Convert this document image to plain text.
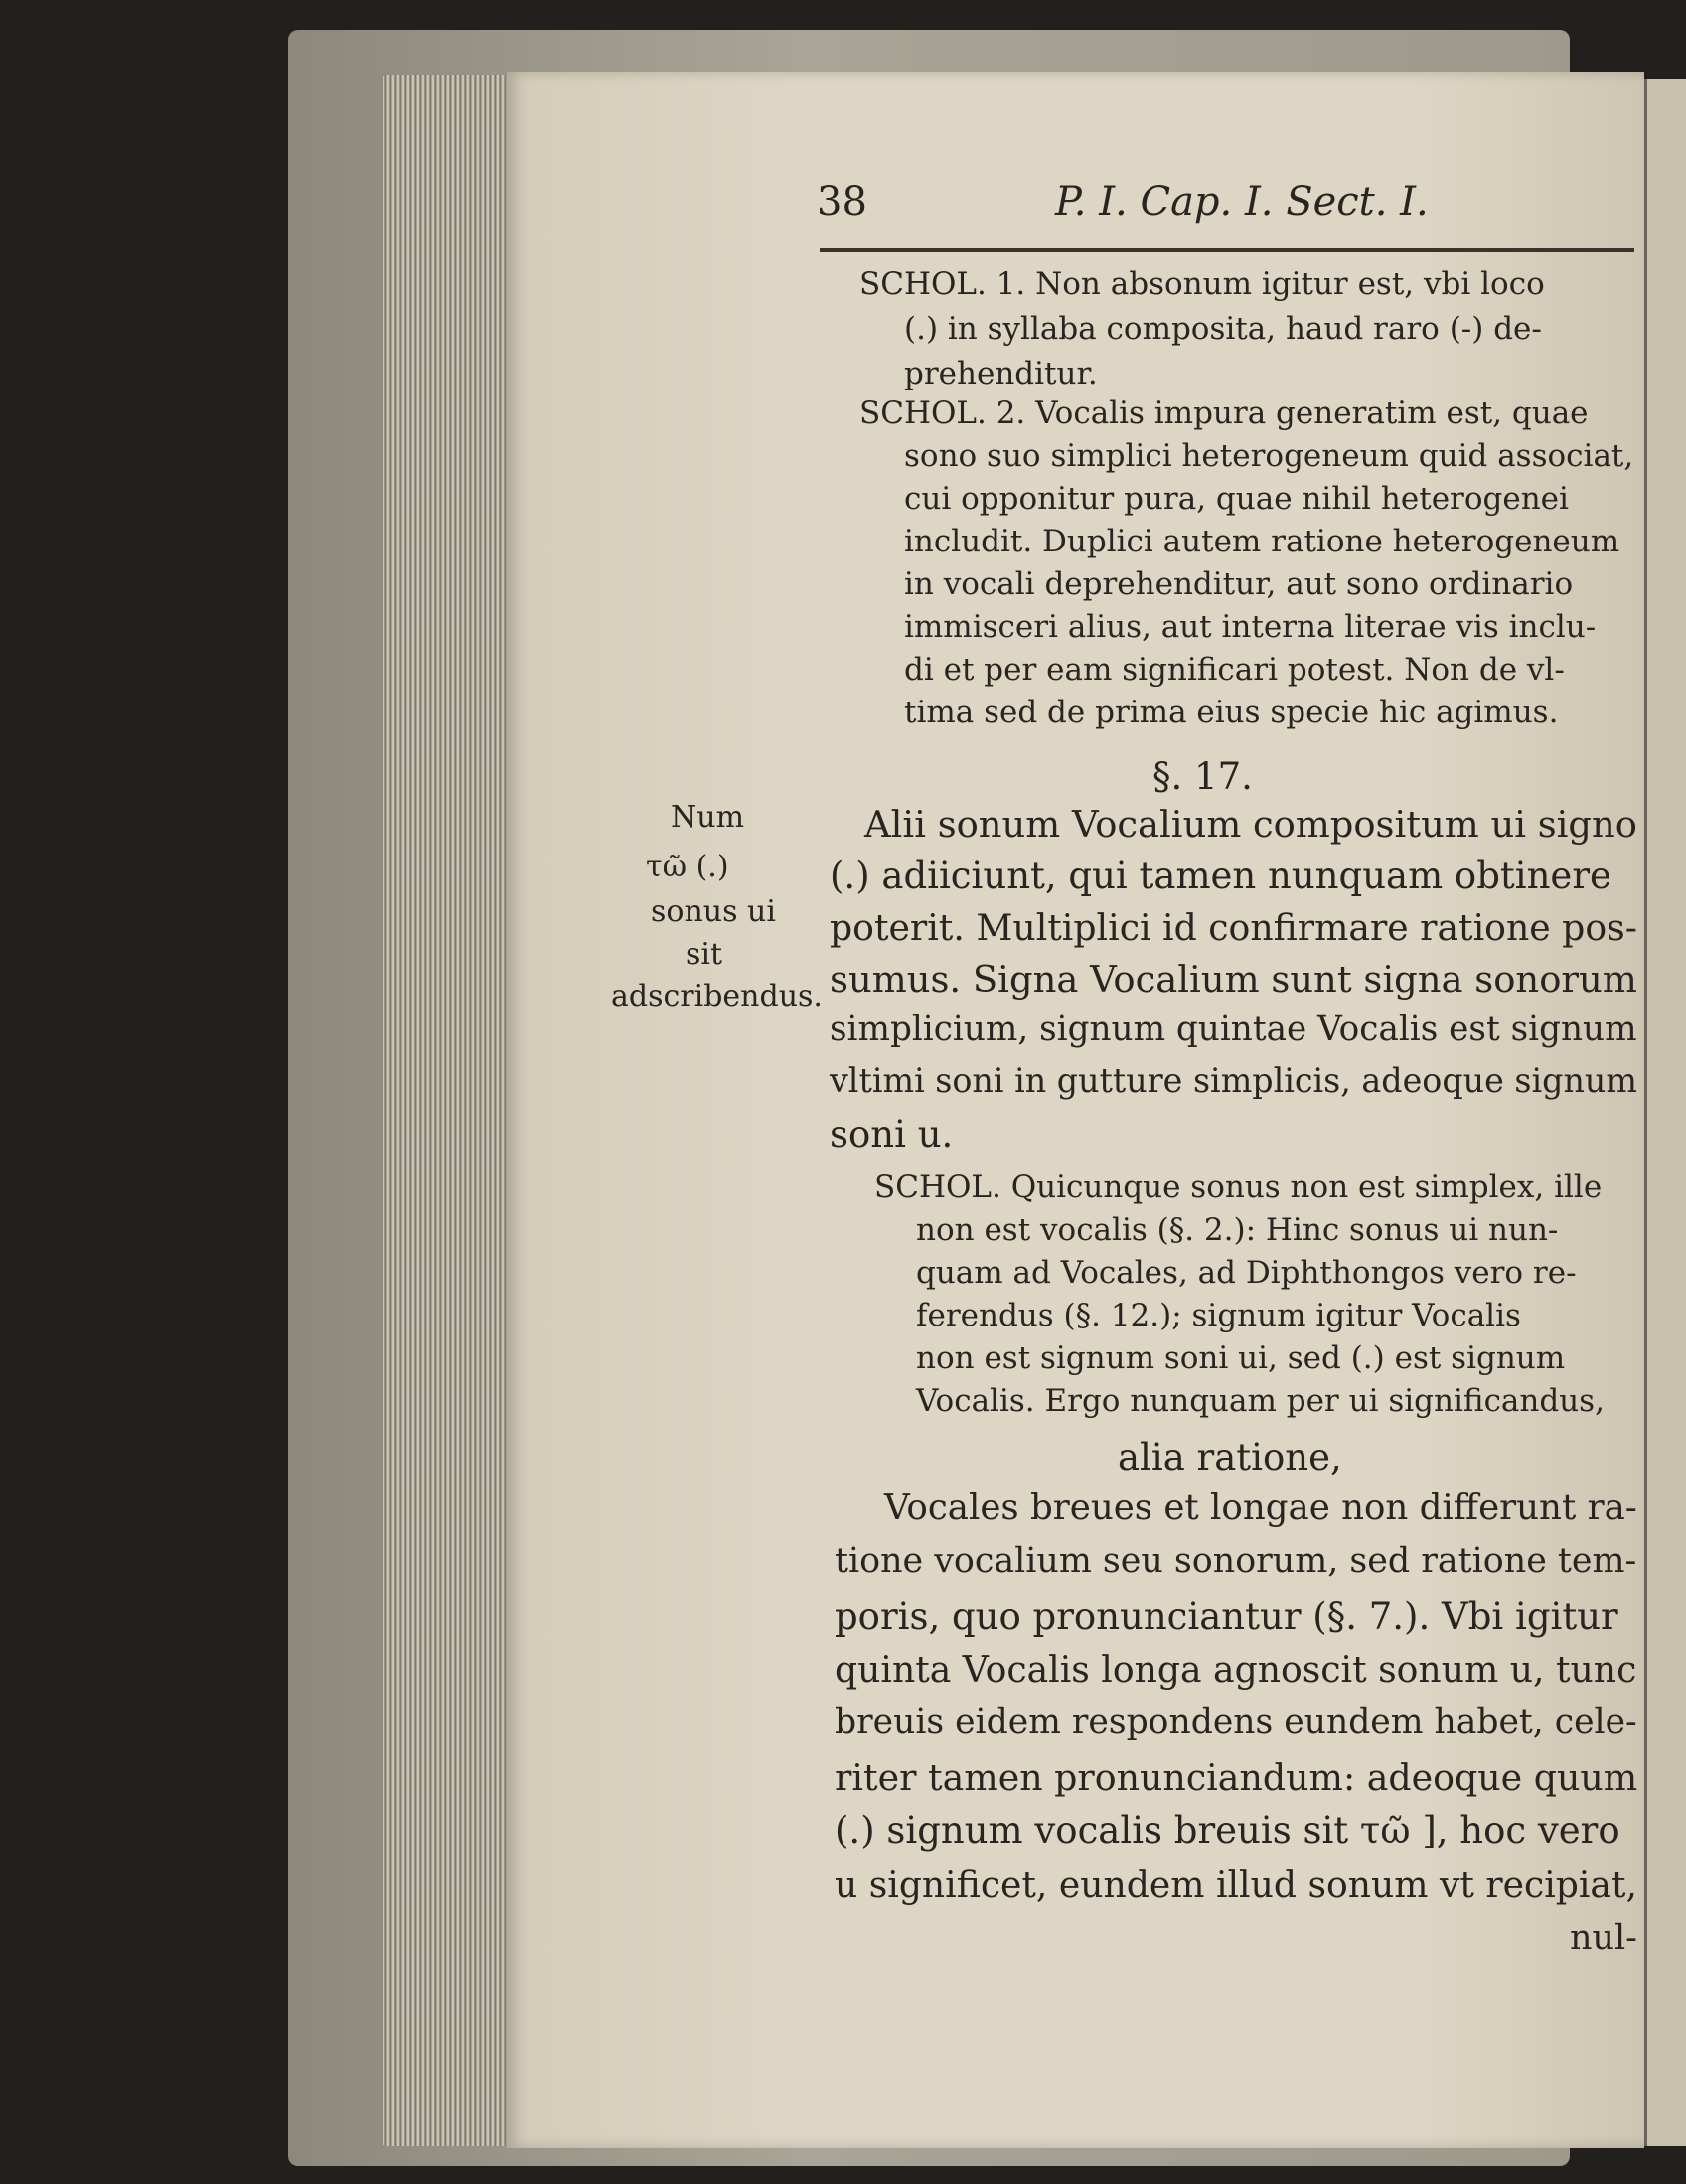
38	P. I. Cap. I. Sect. I.
SCHOL. 1. Non absonum igitur est, vbi loco
(.) in syllaba composita, haud raro (-) de-
prehenditur.
SCHOL. 2. Vocalis impura generatim est, quae
sono suo simplici heterogeneum quid associat,
cui opponitur pura, quae nihil heterogenei
includit. Duplici autem ratione heterogeneum
in vocali deprehenditur, aut sono ordinario
immisceri alius, aut interna literae vis inclu-
di et per eam significari potest. Non de vl-
tima sed de prima eius specie hic agimus.
§. 17.
Num
τῶ (.)
sonus ui
sit
adscribendus.
Alii sonum Vocalium compositum ui signo
(.) adiiciunt, qui tamen nunquam obtinere
poterit. Multiplici id confirmare ratione pos-
sumus. Signa Vocalium sunt signa sonorum
simplicium, signum quintae Vocalis est signum
vltimi soni in gutture simplicis, adeoque signum
soni u.
SCHOL. Quicunque sonus non est simplex, ille
non est vocalis (§. 2.): Hinc sonus ui nun-
quam ad Vocales, ad Diphthongos vero re-
ferendus (§. 12.); signum igitur Vocalis
non est signum soni ui, sed (.) est signum
Vocalis. Ergo nunquam per ui significandus,
alia ratione,
Vocales breues et longae non differunt ra-
tione vocalium seu sonorum, sed ratione tem-
poris, quo pronunciantur (§. 7.). Vbi igitur
quinta Vocalis longa agnoscit sonum u, tunc
breuis eidem respondens eundem habet, cele-
riter tamen pronunciandum: adeoque quum
(.) signum vocalis breuis sit τῶ ], hoc vero
u significet, eundem illud sonum vt recipiat,
nul-
